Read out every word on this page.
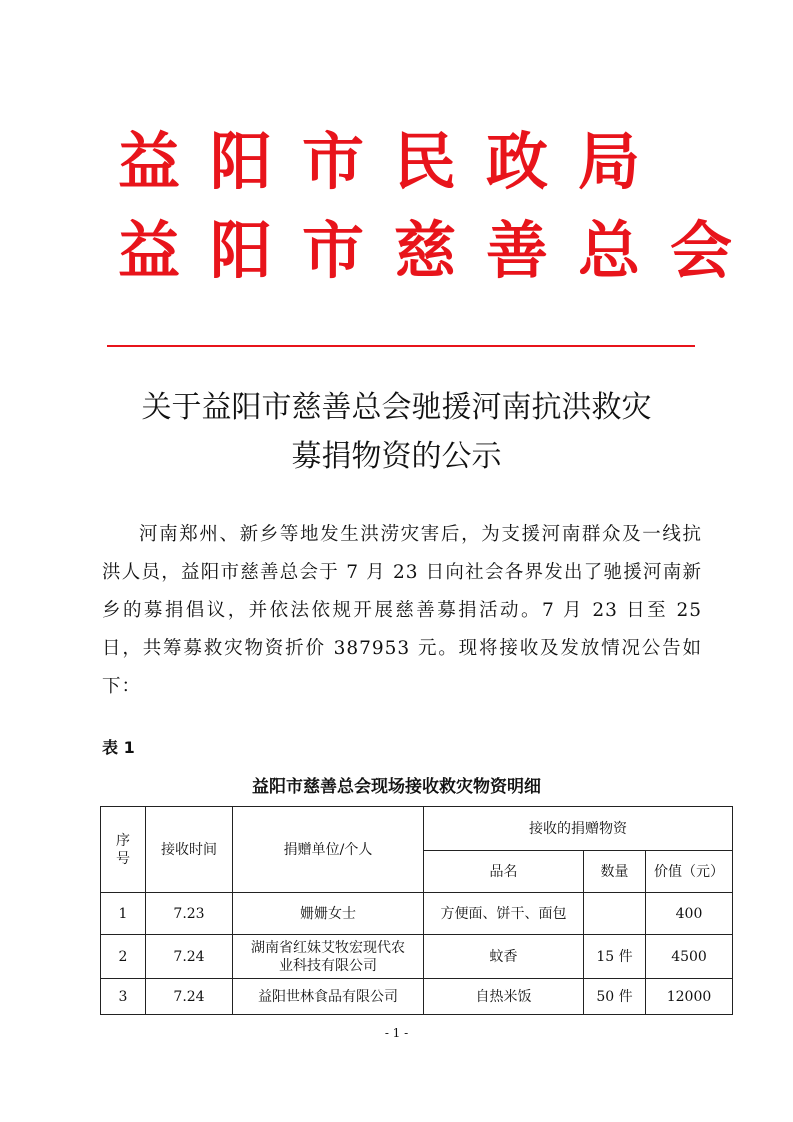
益阳市民政局
益阳市慈善总会
关于益阳市慈善总会驰援河南抗洪救灾
募捐物资的公示

河南郑州、新乡等地发生洪涝灾害后，为支援河南群众及一线抗洪人员，益阳市慈善总会于 7 月 23 日向社会各界发出了驰援河南新乡的募捐倡议，并依法依规开展慈善募捐活动。7 月 23 日至 25 日，共筹募救灾物资折价 387953 元。现将接收及发放情况公告如下：

表 1
益阳市慈善总会现场接收救灾物资明细
序号	接收时间	捐赠单位/个人	接收的捐赠物资		
			品名	数量	价值（元）
1	7.23	姗姗女士	方便面、饼干、面包		400
2	7.24	湖南省红妹艾牧宏现代农业科技有限公司	蚊香	15 件	4500
3	7.24	益阳世林食品有限公司	自热米饭	50 件	12000
- 1 -
